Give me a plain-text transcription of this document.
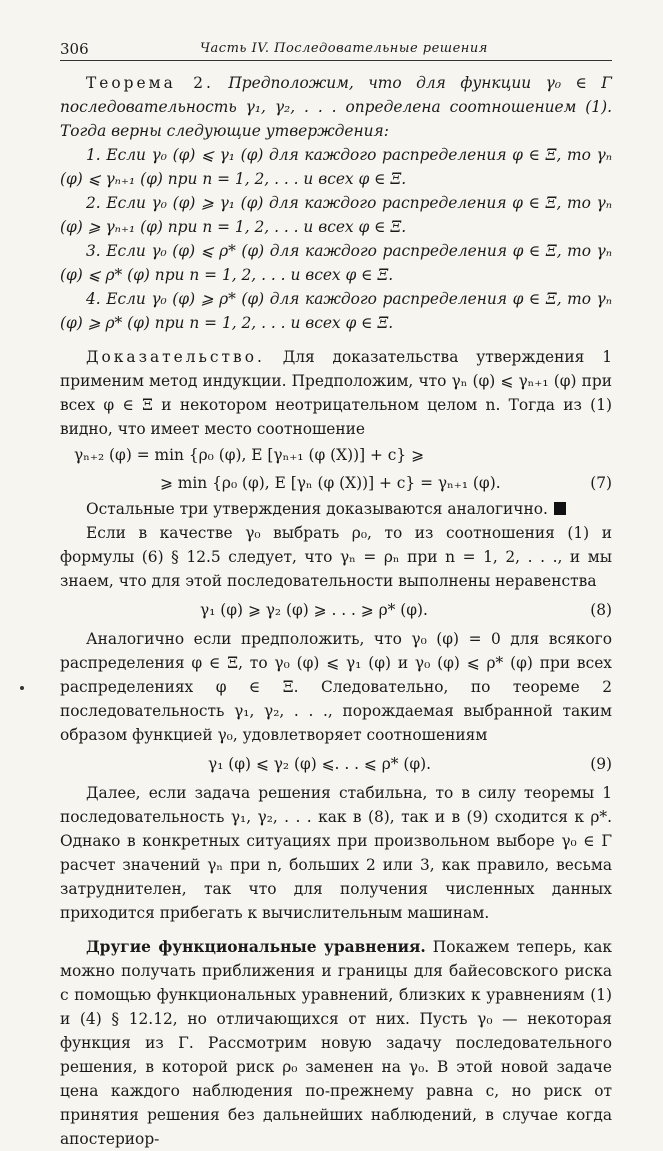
306	Часть IV. Последовательные решения

Теорема 2. Предположим, что для функции γ₀ ∈ Γ последовательность γ₁, γ₂, . . . определена соотношением (1). Тогда верны следующие утверждения:

1. Если γ₀ (φ) ⩽ γ₁ (φ) для каждого распределения φ ∈ Ξ, то γₙ (φ) ⩽ γₙ₊₁ (φ) при n = 1, 2, . . . и всех φ ∈ Ξ.

2. Если γ₀ (φ) ⩾ γ₁ (φ) для каждого распределения φ ∈ Ξ, то γₙ (φ) ⩾ γₙ₊₁ (φ) при n = 1, 2, . . . и всех φ ∈ Ξ.

3. Если γ₀ (φ) ⩽ ρ* (φ) для каждого распределения φ ∈ Ξ, то γₙ (φ) ⩽ ρ* (φ) при n = 1, 2, . . . и всех φ ∈ Ξ.

4. Если γ₀ (φ) ⩾ ρ* (φ) для каждого распределения φ ∈ Ξ, то γₙ (φ) ⩾ ρ* (φ) при n = 1, 2, . . . и всех φ ∈ Ξ.

Доказательство. Для доказательства утверждения 1 применим метод индукции. Предположим, что γₙ (φ) ⩽ γₙ₊₁ (φ) при всех φ ∈ Ξ и некотором неотрицательном целом n. Тогда из (1) видно, что имеет место соотношение

γₙ₊₂ (φ) = min {ρ₀ (φ), E [γₙ₊₁ (φ (X))] + c} ⩾
⩾ min {ρ₀ (φ), E [γₙ (φ (X))] + c} = γₙ₊₁ (φ).	(7)

Остальные три утверждения доказываются аналогично.

Если в качестве γ₀ выбрать ρ₀, то из соотношения (1) и формулы (6) § 12.5 следует, что γₙ = ρₙ при n = 1, 2, . . ., и мы знаем, что для этой последовательности выполнены неравенства

γ₁ (φ) ⩾ γ₂ (φ) ⩾ . . . ⩾ ρ* (φ).	(8)

Аналогично если предположить, что γ₀ (φ) = 0 для всякого распределения φ ∈ Ξ, то γ₀ (φ) ⩽ γ₁ (φ) и γ₀ (φ) ⩽ ρ* (φ) при всех распределениях φ ∈ Ξ. Следовательно, по теореме 2 последовательность γ₁, γ₂, . . ., порождаемая выбранной таким образом функцией γ₀, удовлетворяет соотношениям

γ₁ (φ) ⩽ γ₂ (φ) ⩽. . . ⩽ ρ* (φ).	(9)

Далее, если задача решения стабильна, то в силу теоремы 1 последовательность γ₁, γ₂, . . . как в (8), так и в (9) сходится к ρ*. Однако в конкретных ситуациях при произвольном выборе γ₀ ∈ Γ расчет значений γₙ при n, больших 2 или 3, как правило, весьма затруднителен, так что для получения численных данных приходится прибегать к вычислительным машинам.

Другие функциональные уравнения. Покажем теперь, как можно получать приближения и границы для байесовского риска с помощью функциональных уравнений, близких к уравнениям (1) и (4) § 12.12, но отличающихся от них. Пусть γ₀ — некоторая функция из Γ. Рассмотрим новую задачу последовательного решения, в которой риск ρ₀ заменен на γ₀. В этой новой задаче цена каждого наблюдения по-прежнему равна c, но риск от принятия решения без дальнейших наблюдений, в случае когда апостериор-
